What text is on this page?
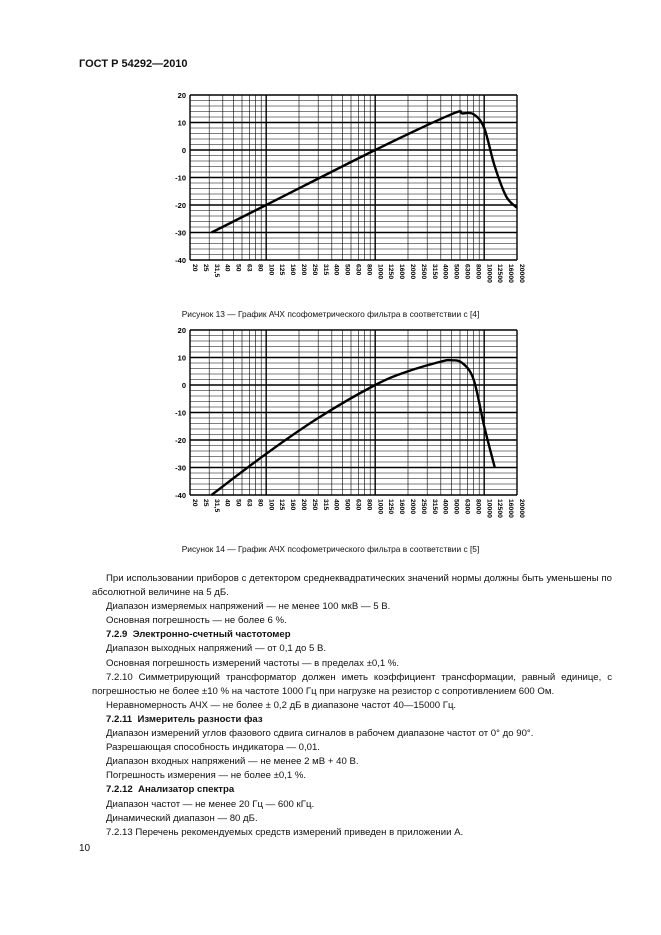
ГОСТ Р 54292—2010
20
10
0
-10
-20
-30
-40
20 25 31,5 40 50 63 80 100 125 160 200 250 315 400 500 630 800 1000 1250 1600 2000 2500 3150 4000 5000 6300 8000 10000 12500 16000 20000
Рисунок 13 — График АЧХ псофометрического фильтра в соответствии с [4]
20
10
0
-10
-20
-30
-40
20 25 31,5 40 50 63 80 100 125 160 200 250 315 400 500 630 800 1000 1250 1600 2000 2500 3150 4000 5000 6300 8000 10000 12500 16000 20000
Рисунок 14 — График АЧХ псофометрического фильтра в соответствии с [5]

При использовании приборов с детектором среднеквадратических значений нормы должны быть уменьшены по абсолютной величине на 5 дБ.

Диапазон измеряемых напряжений — не менее 100 мкВ — 5 В.

Основная погрешность — не более 6 %.

7.2.9 Электронно-счетный частотомер

Диапазон выходных напряжений — от 0,1 до 5 В.

Основная погрешность измерений частоты — в пределах ±0,1 %.

7.2.10 Симметрирующий трансформатор должен иметь коэффициент трансформации, равный единице, с погрешностью не более ±10 % на частоте 1000 Гц при нагрузке на резистор с сопротивлением 600 Ом.

Неравномерность АЧХ — не более ± 0,2 дБ в диапазоне частот 40—15000 Гц.

7.2.11 Измеритель разности фаз

Диапазон измерений углов фазового сдвига сигналов в рабочем диапазоне частот от 0° до 90°.

Разрешающая способность индикатора — 0,01.

Диапазон входных напряжений — не менее 2 мВ + 40 В.

Погрешность измерения — не более ±0,1 %.

7.2.12 Анализатор спектра

Диапазон частот — не менее 20 Гц — 600 кГц.

Динамический диапазон — 80 дБ.

7.2.13 Перечень рекомендуемых средств измерений приведен в приложении А.

10
